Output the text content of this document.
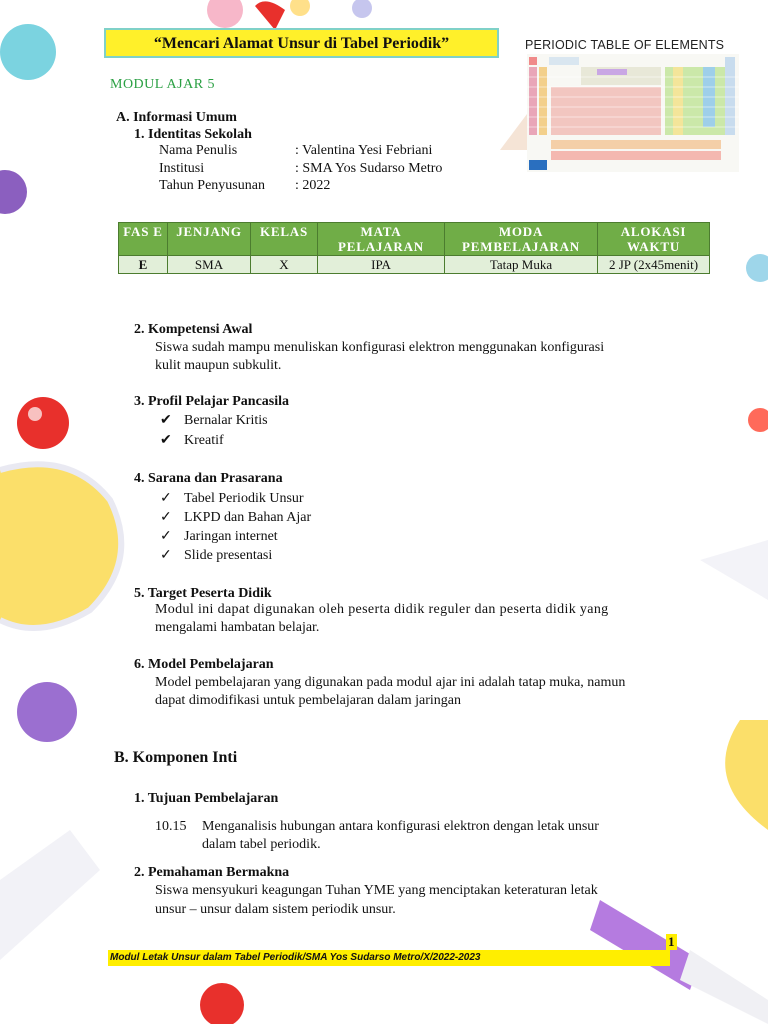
PERIODIC TABLE OF ELEMENTS
“Mencari Alamat Unsur di Tabel Periodik”
MODUL AJAR 5
A. Informasi Umum
1. Identitas Sekolah
Nama Penulis	: Valentina Yesi Febriani
Institusi	: SMA Yos Sudarso Metro
Tahun Penyusunan : 2022
FAS E	JENJANG	KELAS	MATA PELAJARAN	MODA PEMBELAJARAN	ALOKASI WAKTU
E	SMA	X	IPA	Tatap Muka	2 JP (2x45menit)
2. Kompetensi Awal
Siswa sudah mampu menuliskan konfigurasi elektron menggunakan konfigurasi
kulit maupun subkulit.
3. Profil Pelajar Pancasila
✔ Bernalar Kritis
✔ Kreatif
4. Sarana dan Prasarana
✓ Tabel Periodik Unsur
✓ LKPD dan Bahan Ajar
✓ Jaringan internet
✓ Slide presentasi
5. Target Peserta Didik
Modul ini dapat digunakan oleh peserta didik reguler dan peserta didik yang
mengalami hambatan belajar.
6. Model Pembelajaran
Model pembelajaran yang digunakan pada modul ajar ini adalah tatap muka, namun
dapat dimodifikasi untuk pembelajaran dalam jaringan
B. Komponen Inti
1. Tujuan Pembelajaran
10.15 Menganalisis hubungan antara konfigurasi elektron dengan letak unsur
dalam tabel periodik.
2. Pemahaman Bermakna
Siswa mensyukuri keagungan Tuhan YME yang menciptakan keteraturan letak
unsur – unsur dalam sistem periodik unsur.
1
Modul Letak Unsur dalam Tabel Periodik/SMA Yos Sudarso Metro/X/2022-2023
